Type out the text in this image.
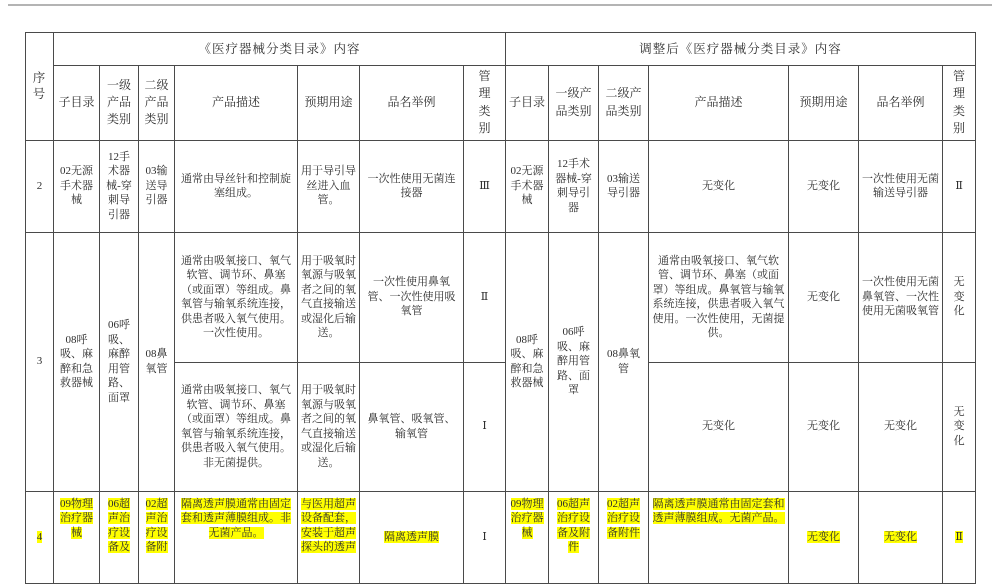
序号	《医疗器械分类目录》内容							调整后《医疗器械分类目录》内容						
	子目录	一级产品类别	二级产品类别	产品描述	预期用途	品名举例	管理类别	子目录	一级产品类别	二级产品类别	产品描述	预期用途	品名举例	管理类别
2	02无源手术器械	12手术器械-穿刺导引器	03输送导引器	通常由导丝针和控制旋塞组成。	用于导引导丝进入血管。	一次性使用无菌连接器	Ⅲ	02无源手术器械	12手术器械-穿刺导引器	03输送导引器	无变化	无变化	一次性使用无菌输送导引器	Ⅱ
3	08呼吸、麻醉和急救器械	06呼吸、麻醉用管路、面罩	08鼻氧管	通常由吸氧接口、氧气软管、调节环、鼻塞（或面罩）等组成。鼻氧管与输氧系统连接，供患者吸入氧气使用。一次性使用。	用于吸氧时氧源与吸氧者之间的氧气直接输送或湿化后输送。	一次性使用鼻氧管、一次性使用吸氧管	Ⅱ	08呼吸、麻醉和急救器械	06呼吸、麻醉用管路、面罩	08鼻氧管	通常由吸氧接口、氧气软管、调节环、鼻塞（或面罩）等组成。鼻氧管与输氧系统连接，供患者吸入氧气使用。一次性使用，无菌提供。	无变化	一次性使用无菌鼻氧管、一次性使用无菌吸氧管	无变化
				通常由吸氧接口、氧气软管、调节环、鼻塞（或面罩）等组成。鼻氧管与输氧系统连接，供患者吸入氧气使用。非无菌提供。	用于吸氧时氧源与吸氧者之间的氧气直接输送或湿化后输送。	鼻氧管、吸氧管、输氧管	Ⅰ				无变化	无变化	无变化	无变化
4	09物理治疗器械	06超声治疗设备及	02超声治疗设备附	隔离透声膜通常由固定套和透声薄膜组成。非无菌产品。	与医用超声设备配套，安装于超声探头的透声	隔离透声膜	Ⅰ	09物理治疗器械	06超声治疗设备及附件	02超声治疗设备附件	隔离透声膜通常由固定套和透声薄膜组成。无菌产品。	无变化	无变化	Ⅱ
